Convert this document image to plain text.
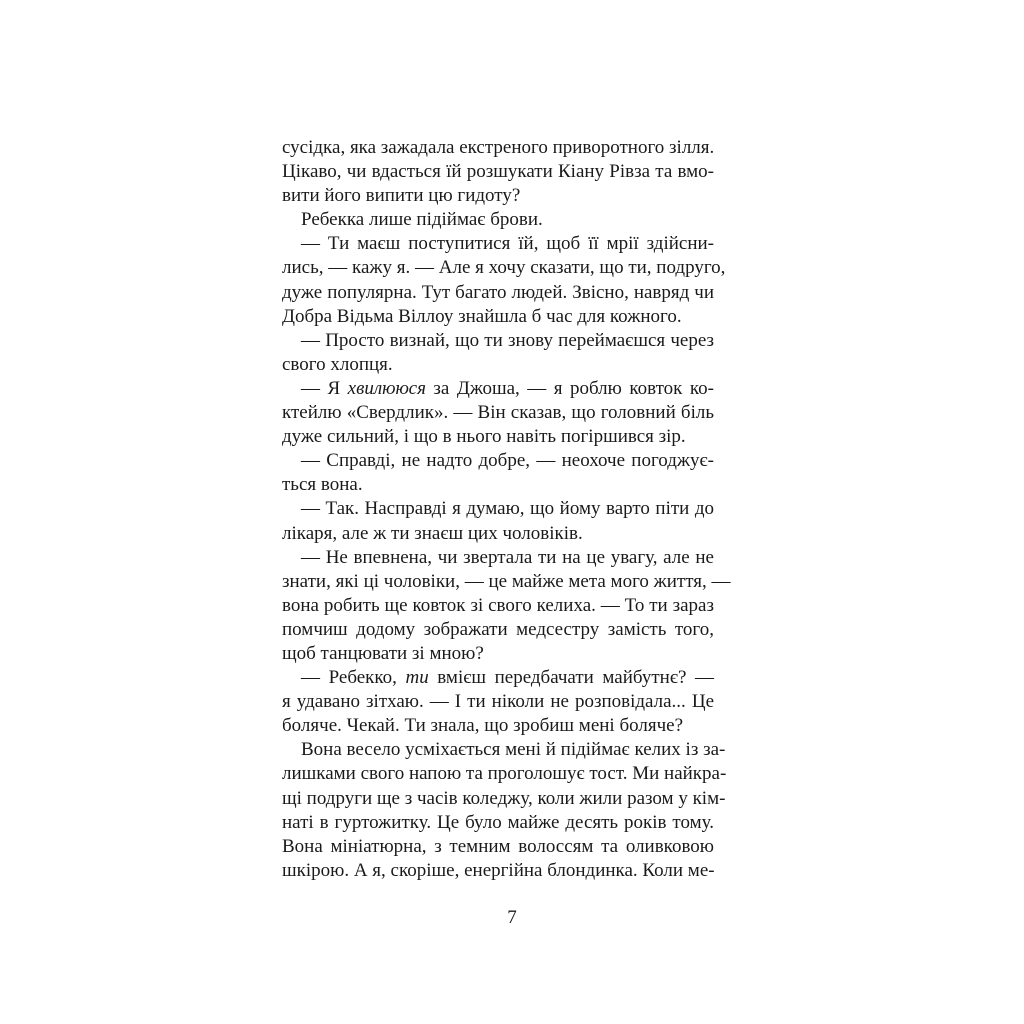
сусідка, яка зажадала екстреного приворотного зілля.
Цікаво, чи вдасться їй розшукати Кіану Рівза та вмо-
вити його випити цю гидоту?
Ребекка лише підіймає брови.
— Ти маєш поступитися їй, щоб її мрії здійсни-
лись, — кажу я. — Але я хочу сказати, що ти, подруго,
дуже популярна. Тут багато людей. Звісно, навряд чи
Добра Відьма Віллоу знайшла б час для кожного.
— Просто визнай, що ти знову переймаєшся через
свого хлопця.
— Я хвилююся за Джоша, — я роблю ковток ко-
ктейлю «Свердлик». — Він сказав, що головний біль
дуже сильний, і що в нього навіть погіршився зір.
— Справді, не надто добре, — неохоче погоджує-
ться вона.
— Так. Насправді я думаю, що йому варто піти до
лікаря, але ж ти знаєш цих чоловіків.
— Не впевнена, чи звертала ти на це увагу, але не
знати, які ці чоловіки, — це майже мета мого життя, —
вона робить ще ковток зі свого келиха. — То ти зараз
помчиш додому зображати медсестру замість того,
щоб танцювати зі мною?
— Ребекко, ти вмієш передбачати майбутнє? —
я удавано зітхаю. — І ти ніколи не розповідала... Це
боляче. Чекай. Ти знала, що зробиш мені боляче?
Вона весело усміхається мені й підіймає келих із за-
лишками свого напою та проголошує тост. Ми найкра-
щі подруги ще з часів коледжу, коли жили разом у кім-
наті в гуртожитку. Це було майже десять років тому.
Вона мініатюрна, з темним волоссям та оливковою
шкірою. А я, скоріше, енергійна блондинка. Коли ме-
7
